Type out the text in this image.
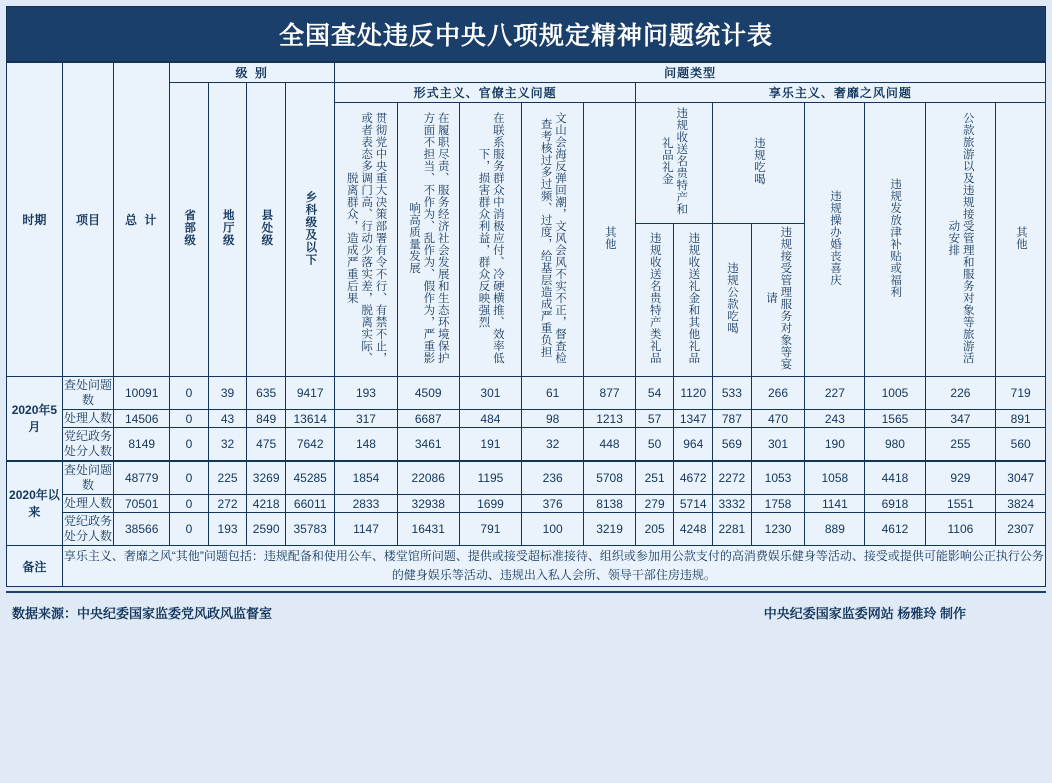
全国查处违反中央八项规定精神问题统计表
时期	项目	总 计	级 别				问题类型												
			省部级	地厅级	县处级	乡科级及以下	形式主义、官僚主义问题					享乐主义、奢靡之风问题							
							贯彻党中央重大决策部署有令不行、有禁不止，或者表态多调门高、行动少落实差，脱离实际、脱离群众，造成严重后果	在履职尽责、服务经济社会发展和生态环境保护方面不担当、不作为、乱作为、假作为，严重影响高质量发展	在联系服务群众中消极应付、冷硬横推、效率低下，损害群众利益，群众反映强烈	文山会海反弹回潮，文风会风不实不正，督查检查考核过多过频、过度，给基层造成严重负担	其他	违规收送名贵特产和礼品礼金		违规吃喝		违规操办婚丧喜庆	违规发放津补贴或福利	公款旅游以及违规接受管理和服务对象等旅游活动安排	其他
												违规收送名贵特产类礼品	违规收送礼金和其他礼品	违规公款吃喝	违规接受管理服务对象等宴请				
2020年5月	查处问题数	10091	0	39	635	9417	193	4509	301	61	877	54	1120	533	266	227	1005	226	719
	处理人数	14506	0	43	849	13614	317	6687	484	98	1213	57	1347	787	470	243	1565	347	891
	党纪政务处分人数	8149	0	32	475	7642	148	3461	191	32	448	50	964	569	301	190	980	255	560
2020年以来	查处问题数	48779	0	225	3269	45285	1854	22086	1195	236	5708	251	4672	2272	1053	1058	4418	929	3047
	处理人数	70501	0	272	4218	66011	2833	32938	1699	376	8138	279	5714	3332	1758	1141	6918	1551	3824
	党纪政务处分人数	38566	0	193	2590	35783	1147	16431	791	100	3219	205	4248	2281	1230	889	4612	1106	2307
备注	享乐主义、奢靡之风“其他”问题包括：违规配备和使用公车、楼堂馆所问题、提供或接受超标准接待、组织或参加用公款支付的高消费娱乐健身等活动、接受或提供可能影响公正执行公务的健身娱乐等活动、违规出入私人会所、领导干部住房违规。																		
数据来源：中央纪委国家监委党风政风监督室	中央纪委国家监委网站 杨雅玲 制作
